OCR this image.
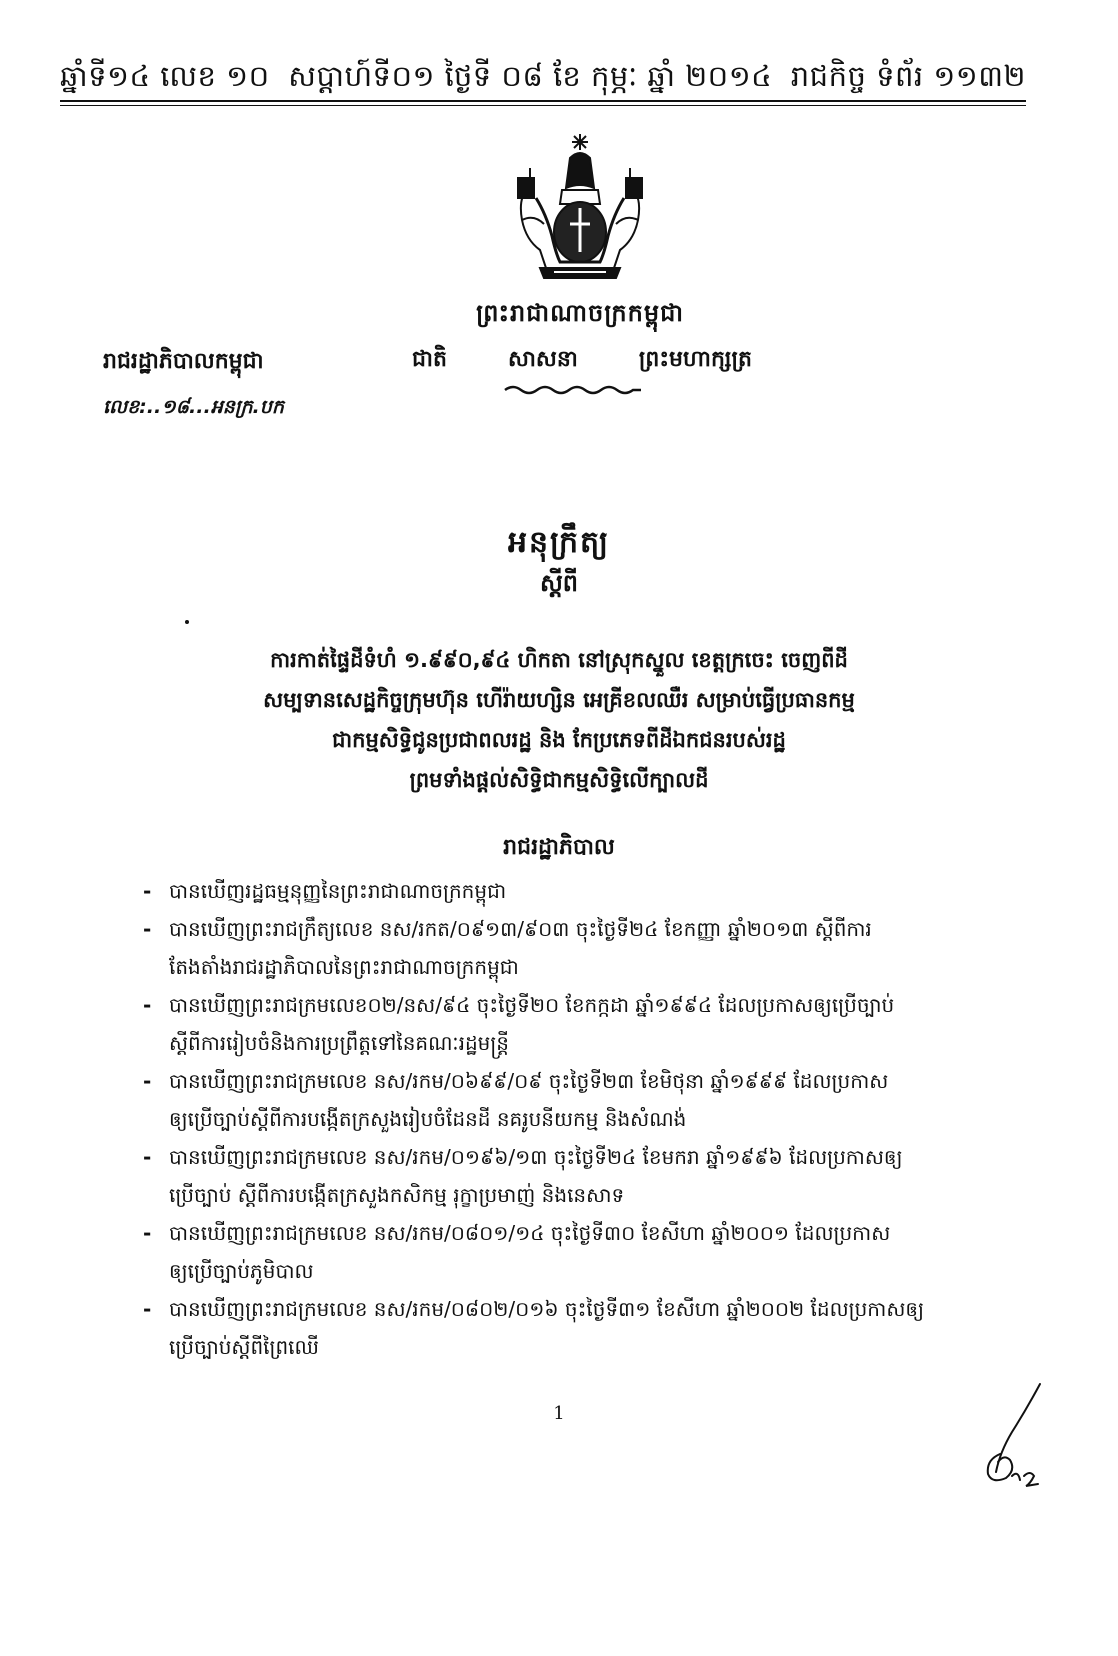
ឆ្នាំទី១៤ លេខ ១០ សប្តាហ៍ទី០១ ថ្ងៃទី ០៨ ខែ កុម្ភៈ ឆ្នាំ ២០១៤ រាជកិច្ច ទំព័រ ១១៣២
ព្រះរាជាណាចក្រកម្ពុជា
ជាតិ	សាសនា	ព្រះមហាក្សត្រ
រាជរដ្ឋាភិបាលកម្ពុជា
លេខ:..១៨...អនក្រ.បក
អនុក្រឹត្យ
ស្តីពី
ការកាត់ផ្ទៃដីទំហំ ១.៩៩០,៩៤ ហិកតា នៅស្រុកស្នួល ខេត្តក្រចេះ ចេញពីដី
សម្បទានសេដ្ឋកិច្ចក្រុមហ៊ុន ហើរ៉ាយហ្សិន អេគ្រីខលឈឺរ សម្រាប់ធ្វើប្រធានកម្ម
ជាកម្មសិទ្ធិជូនប្រជាពលរដ្ឋ និង កែប្រភេទពីដីឯកជនរបស់រដ្ឋ
ព្រមទាំងផ្តល់សិទ្ធិជាកម្មសិទ្ធិលើក្បាលដី
រាជរដ្ឋាភិបាល
- បានឃើញរដ្ឋធម្មនុញ្ញនៃព្រះរាជាណាចក្រកម្ពុជា
- បានឃើញព្រះរាជក្រឹត្យលេខ នស/រកត/០៩១៣/៩០៣ ចុះថ្ងៃទី២៤ ខែកញ្ញា ឆ្នាំ២០១៣ ស្តីពីការ
តែងតាំងរាជរដ្ឋាភិបាលនៃព្រះរាជាណាចក្រកម្ពុជា
- បានឃើញព្រះរាជក្រមលេខ០២/នស/៩៤ ចុះថ្ងៃទី២០ ខែកក្កដា ឆ្នាំ១៩៩៤ ដែលប្រកាសឲ្យប្រើច្បាប់
ស្តីពីការរៀបចំនិងការប្រព្រឹត្តទៅនៃគណៈរដ្ឋមន្ត្រី
- បានឃើញព្រះរាជក្រមលេខ នស/រកម/០៦៩៩/០៩ ចុះថ្ងៃទី២៣ ខែមិថុនា ឆ្នាំ១៩៩៩ ដែលប្រកាស
ឲ្យប្រើច្បាប់ស្តីពីការបង្កើតក្រសួងរៀបចំដែនដី នគរូបនីយកម្ម និងសំណង់
- បានឃើញព្រះរាជក្រមលេខ នស/រកម/០១៩៦/១៣ ចុះថ្ងៃទី២៤ ខែមករា ឆ្នាំ១៩៩៦ ដែលប្រកាសឲ្យ
ប្រើច្បាប់ ស្តីពីការបង្កើតក្រសួងកសិកម្ម រុក្ខាប្រមាញ់ និងនេសាទ
- បានឃើញព្រះរាជក្រមលេខ នស/រកម/០៨០១/១៤ ចុះថ្ងៃទី៣០ ខែសីហា ឆ្នាំ២០០១ ដែលប្រកាស
ឲ្យប្រើច្បាប់ភូមិបាល
- បានឃើញព្រះរាជក្រមលេខ នស/រកម/០៨០២/០១៦ ចុះថ្ងៃទី៣១ ខែសីហា ឆ្នាំ២០០២ ដែលប្រកាសឲ្យ
ប្រើច្បាប់ស្តីពីព្រៃឈើ
1
